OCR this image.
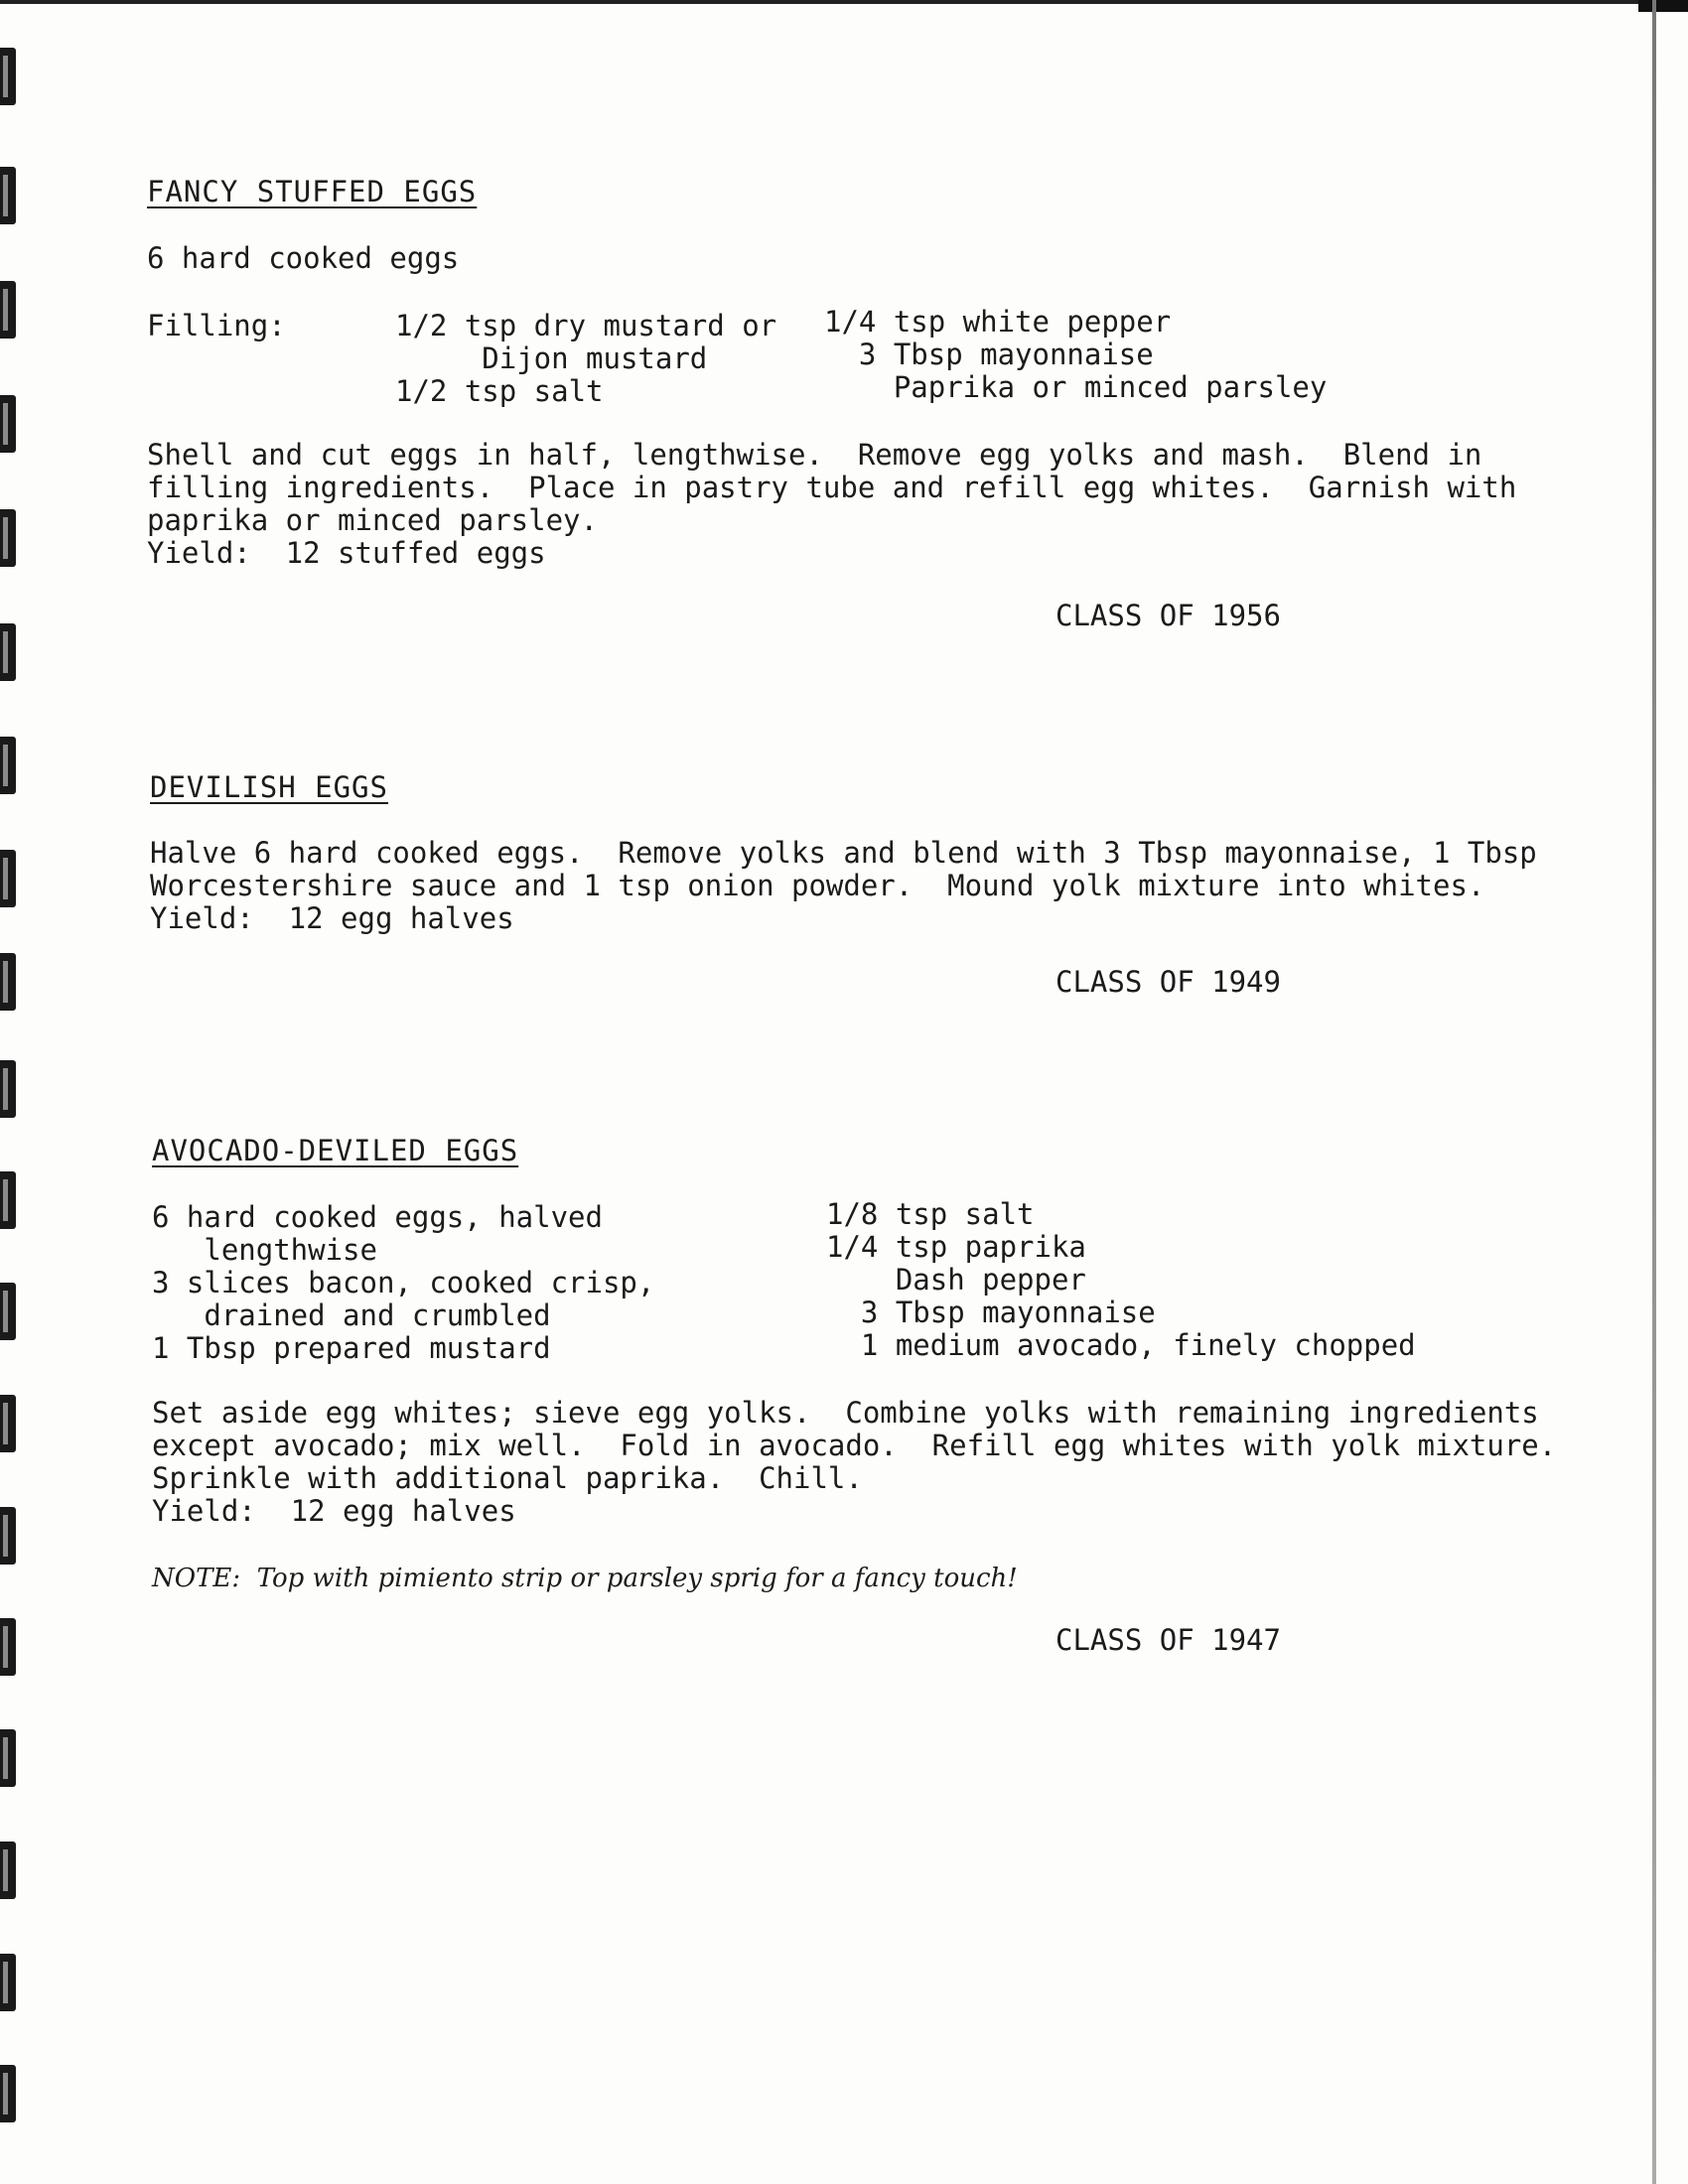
FANCY STUFFED EGGS
6 hard cooked eggs
Filling:	1/2 tsp dry mustard or
Dijon mustard
1/2 tsp salt
1/4 tsp white pepper
3 Tbsp mayonnaise
Paprika or minced parsley
Shell and cut eggs in half, lengthwise.  Remove egg yolks and mash.  Blend in
filling ingredients.  Place in pastry tube and refill egg whites.  Garnish with
paprika or minced parsley.
Yield:  12 stuffed eggs
CLASS OF 1956
DEVILISH EGGS
Halve 6 hard cooked eggs.  Remove yolks and blend with 3 Tbsp mayonnaise, 1 Tbsp
Worcestershire sauce and 1 tsp onion powder.  Mound yolk mixture into whites.
Yield:  12 egg halves
CLASS OF 1949
AVOCADO-DEVILED EGGS
6 hard cooked eggs, halved
lengthwise
3 slices bacon, cooked crisp,
drained and crumbled
1 Tbsp prepared mustard
1/8 tsp salt
1/4 tsp paprika
Dash pepper
3 Tbsp mayonnaise
1 medium avocado, finely chopped
Set aside egg whites; sieve egg yolks.  Combine yolks with remaining ingredients
except avocado; mix well.  Fold in avocado.  Refill egg whites with yolk mixture.
Sprinkle with additional paprika.  Chill.
Yield:  12 egg halves
NOTE:  Top with pimiento strip or parsley sprig for a fancy touch!
CLASS OF 1947
